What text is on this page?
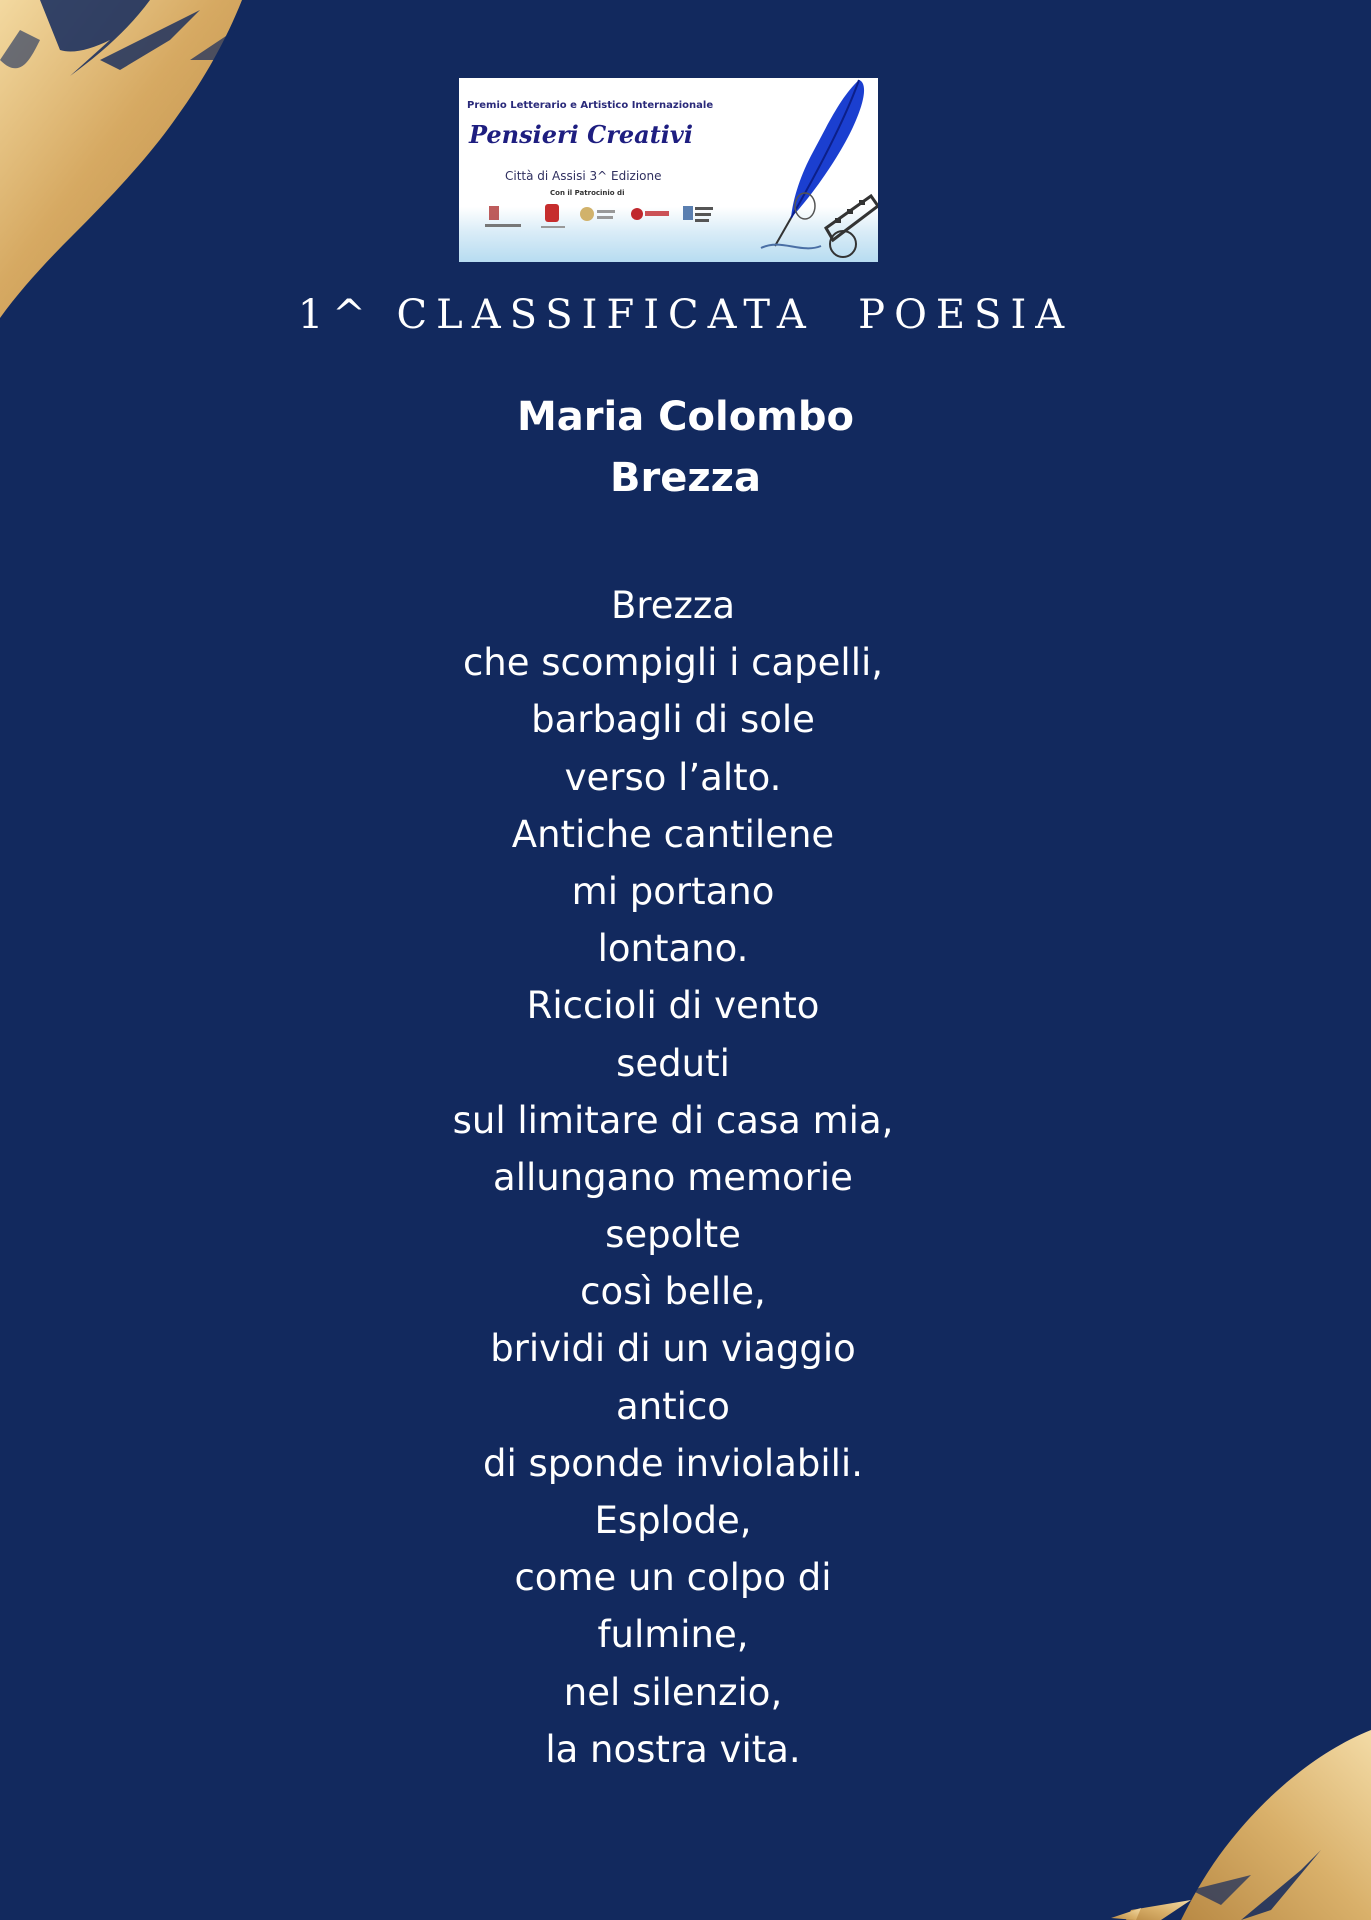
Premio Letterario e Artistico Internazionale
Pensieri Creativi
Città di Assisi 3^ Edizione
Con il Patrocinio di
1^ CLASSIFICATA  POESIA
Maria Colombo
Brezza
Brezza
che scompigli i capelli,
barbagli di sole
verso l’alto.
Antiche cantilene
mi portano
lontano.
Riccioli di vento
seduti
sul limitare di casa mia,
allungano memorie
sepolte
così belle,
brividi di un viaggio
antico
di sponde inviolabili.
Esplode,
come un colpo di
fulmine,
nel silenzio,
la nostra vita.
